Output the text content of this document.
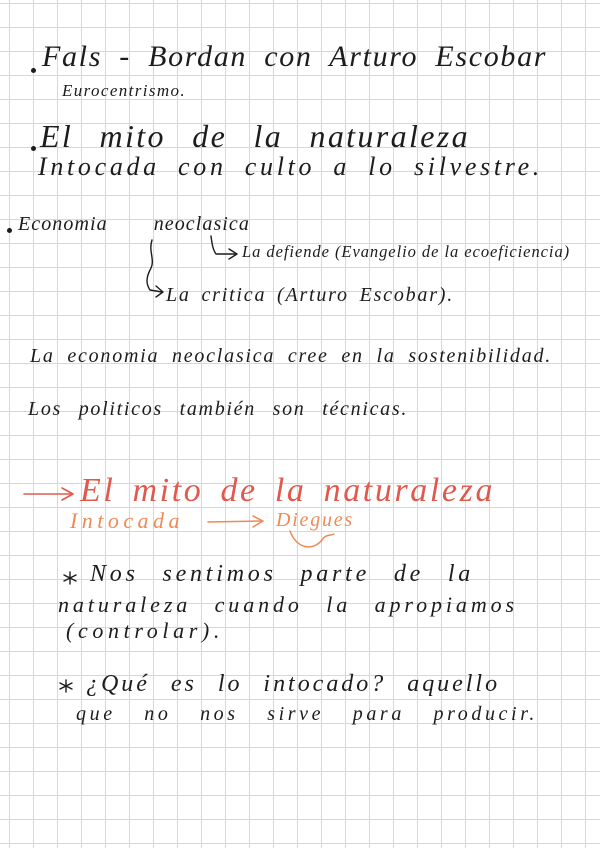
Fals - Bordan con Arturo Escobar
Eurocentrismo.
El mito de la naturaleza
Intocada con culto a lo silvestre.
Economia neoclasica
La defiende (Evangelio de la ecoeficiencia)
La critica (Arturo Escobar).
La economia neoclasica cree en la sostenibilidad.
Los politicos también son técnicas.
El mito de la naturaleza
Intocada	Diegues
Nos sentimos parte de la
naturaleza cuando la apropiamos
(controlar).
¿Qué es lo intocado? aquello
que no nos sirve para producir.
